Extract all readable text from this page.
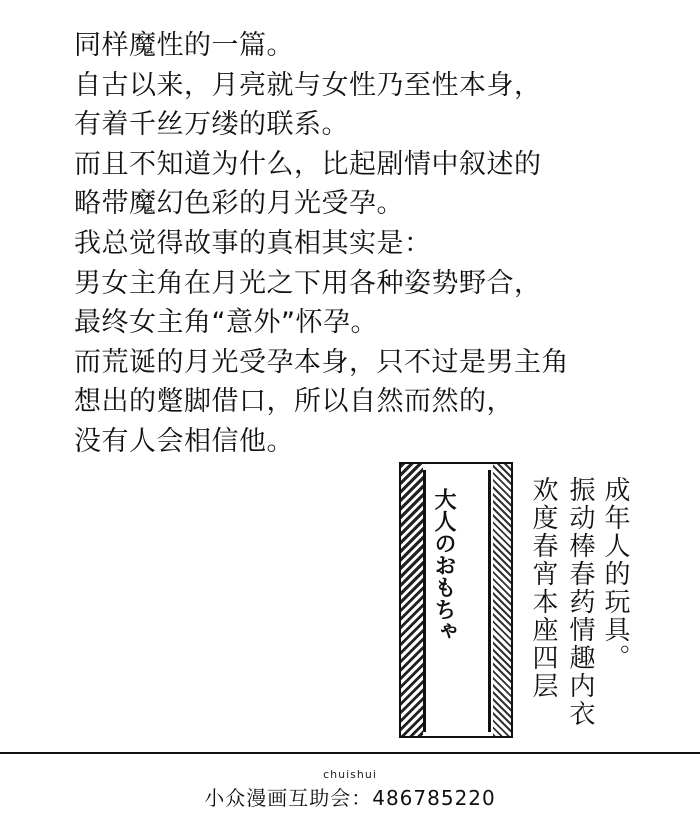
同样魔性的一篇。
自古以来，月亮就与女性乃至性本身，
有着千丝万缕的联系。
而且不知道为什么，比起剧情中叙述的
略带魔幻色彩的月光受孕。
我总觉得故事的真相其实是：
男女主角在月光之下用各种姿势野合，
最终女主角“意外”怀孕。
而荒诞的月光受孕本身，只不过是男主角
想出的蹩脚借口，所以自然而然的，
没有人会相信他。
大人のおもちゃ	成年人的玩具。
振动棒春药情趣内衣
欢度春宵本座四层
chuishui
小众漫画互助会：486785220
